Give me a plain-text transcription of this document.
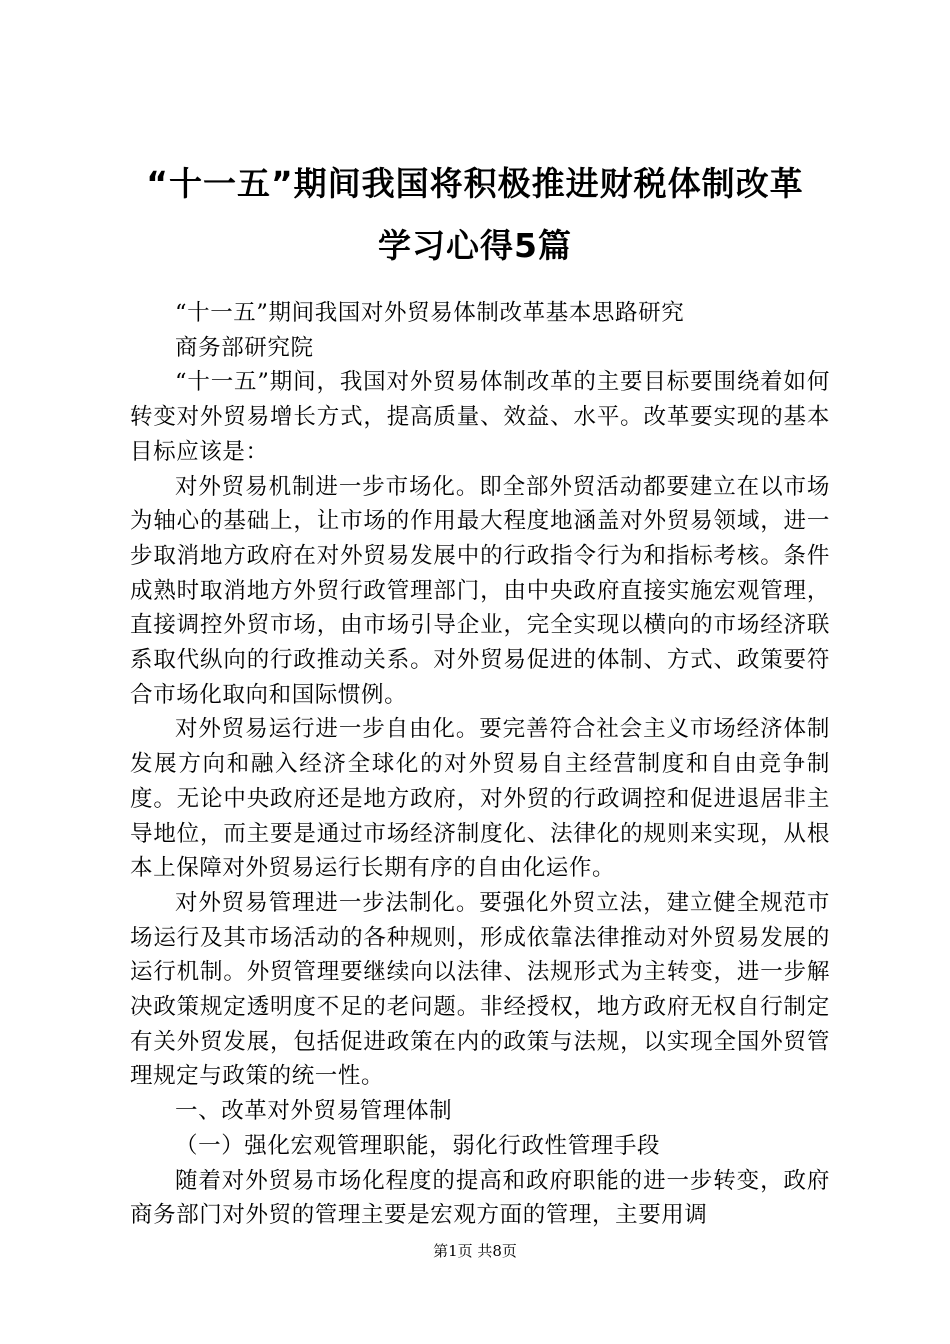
“十一五”期间我国将积极推进财税体制改革
学习心得5篇

“十一五”期间我国对外贸易体制改革基本思路研究

商务部研究院

“十一五”期间，我国对外贸易体制改革的主要目标要围绕着如何转变对外贸易增长方式，提高质量、效益、水平。改革要实现的基本目标应该是：

对外贸易机制进一步市场化。即全部外贸活动都要建立在以市场为轴心的基础上，让市场的作用最大程度地涵盖对外贸易领域，进一步取消地方政府在对外贸易发展中的行政指令行为和指标考核。条件成熟时取消地方外贸行政管理部门，由中央政府直接实施宏观管理，直接调控外贸市场，由市场引导企业，完全实现以横向的市场经济联系取代纵向的行政推动关系。对外贸易促进的体制、方式、政策要符合市场化取向和国际惯例。

对外贸易运行进一步自由化。要完善符合社会主义市场经济体制发展方向和融入经济全球化的对外贸易自主经营制度和自由竞争制度。无论中央政府还是地方政府，对外贸的行政调控和促进退居非主导地位，而主要是通过市场经济制度化、法律化的规则来实现，从根本上保障对外贸易运行长期有序的自由化运作。

对外贸易管理进一步法制化。要强化外贸立法，建立健全规范市场运行及其市场活动的各种规则，形成依靠法律推动对外贸易发展的运行机制。外贸管理要继续向以法律、法规形式为主转变，进一步解决政策规定透明度不足的老问题。非经授权，地方政府无权自行制定有关外贸发展，包括促进政策在内的政策与法规，以实现全国外贸管理规定与政策的统一性。

一、改革对外贸易管理体制

（一）强化宏观管理职能，弱化行政性管理手段

随着对外贸易市场化程度的提高和政府职能的进一步转变，政府商务部门对外贸的管理主要是宏观方面的管理，主要用调

第1页 共8页
